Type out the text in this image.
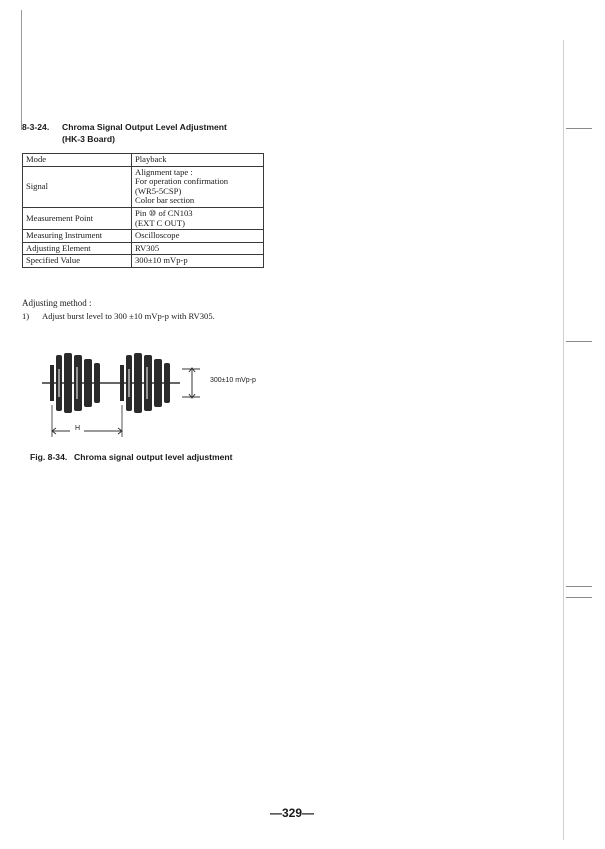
8-3-24. Chroma Signal Output Level Adjustment
(HK-3 Board)
Mode	Playback
Signal	Alignment tape :
For operation confirmation
(WR5-5CSP)
Color bar section
Measurement Point	Pin ⑩ of CN103
(EXT C OUT)
Measuring Instrument	Oscilloscope
Adjusting Element	RV305
Specified Value	300±10 mVp-p
Adjusting method :
1) Adjust burst level to 300 ±10 mVp-p with RV305.
300±10 mVp-p
H
Fig. 8-34. Chroma signal output level adjustment
—329—
